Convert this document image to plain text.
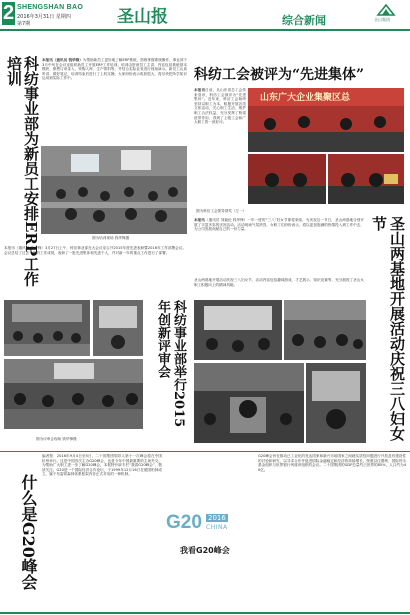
2 SHENGSHAN BAO 圣山报
2016年3月31日 星期四
第7期	综合新闻	圣山集团
科纺事业部为新员工安排ERP工作培训	本报讯（通讯员 钱华锋）为帮助新员工更好地了解ERP系统，熟练掌握系统操作，事业部于3月中旬在会议室组织新员工开展ERP工作培训。培训由资深员工主讲，内容包括系统基本模块、销售订单录入、采购入库、生产领料等，并结合实际业务进行现场演示。新员工认真听讲、做好笔记，培训结束后进行了上机实操，大家纷纷表示收获很大，将尽快把所学知识运用到实际工作中。
图为培训现场 钱华锋摄
本报讯（通讯员 钱华锋）3月27日上午，科纺事业部在大会议室召开2015年度先进表彰暨2016年工作部署会议。会议总结了过去一年的工作成绩，表彰了一批先进集体和先进个人，并对新一年的重点工作进行了部署。
科纺事业部举行2015年创新评审会
图为评审会现场 钱华锋摄
科纺工会被评为“先进集体”
本报讯日前，从山东省总工会传来喜讯，科纺工会被评为“先进集体”。近年来，科纺工会始终坚持以职工为本，积极开展各类文体活动，关心职工生活，维护职工合法权益，充分发挥了桥梁纽带作用，得到了上级工会和广大职工的一致好评。
山东广大企业集聚区总
图为科纺工会领导领奖（左一）
本报讯（通讯员 刘毅伦 钱华锋）一年一度的“三八”妇女节即将来临，为庆祝这一节日，圣山两基地分别开展了丰富多彩的庆祝活动。活动现场气氛热烈，女职工们纷纷表示，将以更加饱满的热情投入到工作中去，为公司发展贡献自己的一份力量。
圣山两基地开展活动庆祝三八妇女节，活动内容包括趣味游戏、才艺展示、知识竞赛等，充分展现了圣山女职工积极向上的精神风貌。	圣山两基地开展活动庆祝三八妇女节
什么是G20峰会
编者按：2016年9月4日至5日，二十国集团领导人第十一次峰会将在中国杭州举行。这是中国首次主办G20峰会，也是今年中国最重要的主场外交。为帮助广大职工进一步了解G20峰会，本报特开辟专栏“我看G20峰会”，敬请关注。G20是一个国际经济合作论坛，于1999年12月16日在德国柏林成立，属于布雷顿森林体系框架内非正式对话的一种机制。
G20 2016
CHINA
我看G20峰会
G20峰会旨在推动已工业化的发达国家和新兴市场国家之间就实质性问题进行开放及有建设性的讨论和研究，以寻求合作并促进国际金融稳定和经济的持续增长。按照以往惯例，国际货币基金组织与世界银行列席该组织的会议。二十国集团的GDP总量约占世界的85%，人口约为40亿。
